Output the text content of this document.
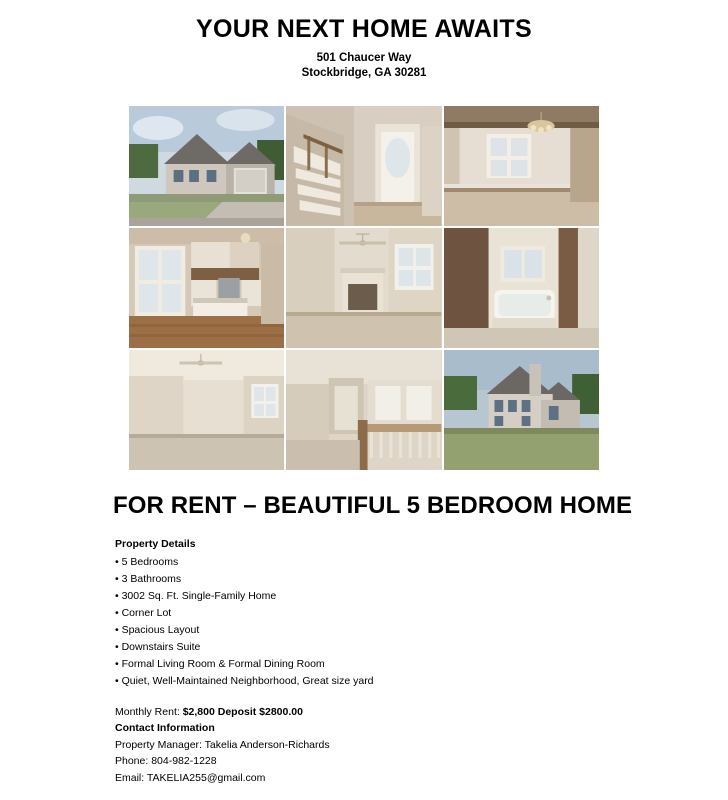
YOUR NEXT HOME AWAITS
501 Chaucer Way
Stockbridge, GA 30281
FOR RENT – BEAUTIFUL 5 BEDROOM HOME
Property Details
• 5 Bedrooms
• 3 Bathrooms
• 3002 Sq. Ft. Single-Family Home
• Corner Lot
• Spacious Layout
• Downstairs Suite
• Formal Living Room & Formal Dining Room
• Quiet, Well-Maintained Neighborhood, Great size yard
Monthly Rent: $2,800 Deposit $2800.00
Contact Information
Property Manager: Takelia Anderson-Richards
Phone: 804-982-1228
Email: TAKELIA255@gmail.com
